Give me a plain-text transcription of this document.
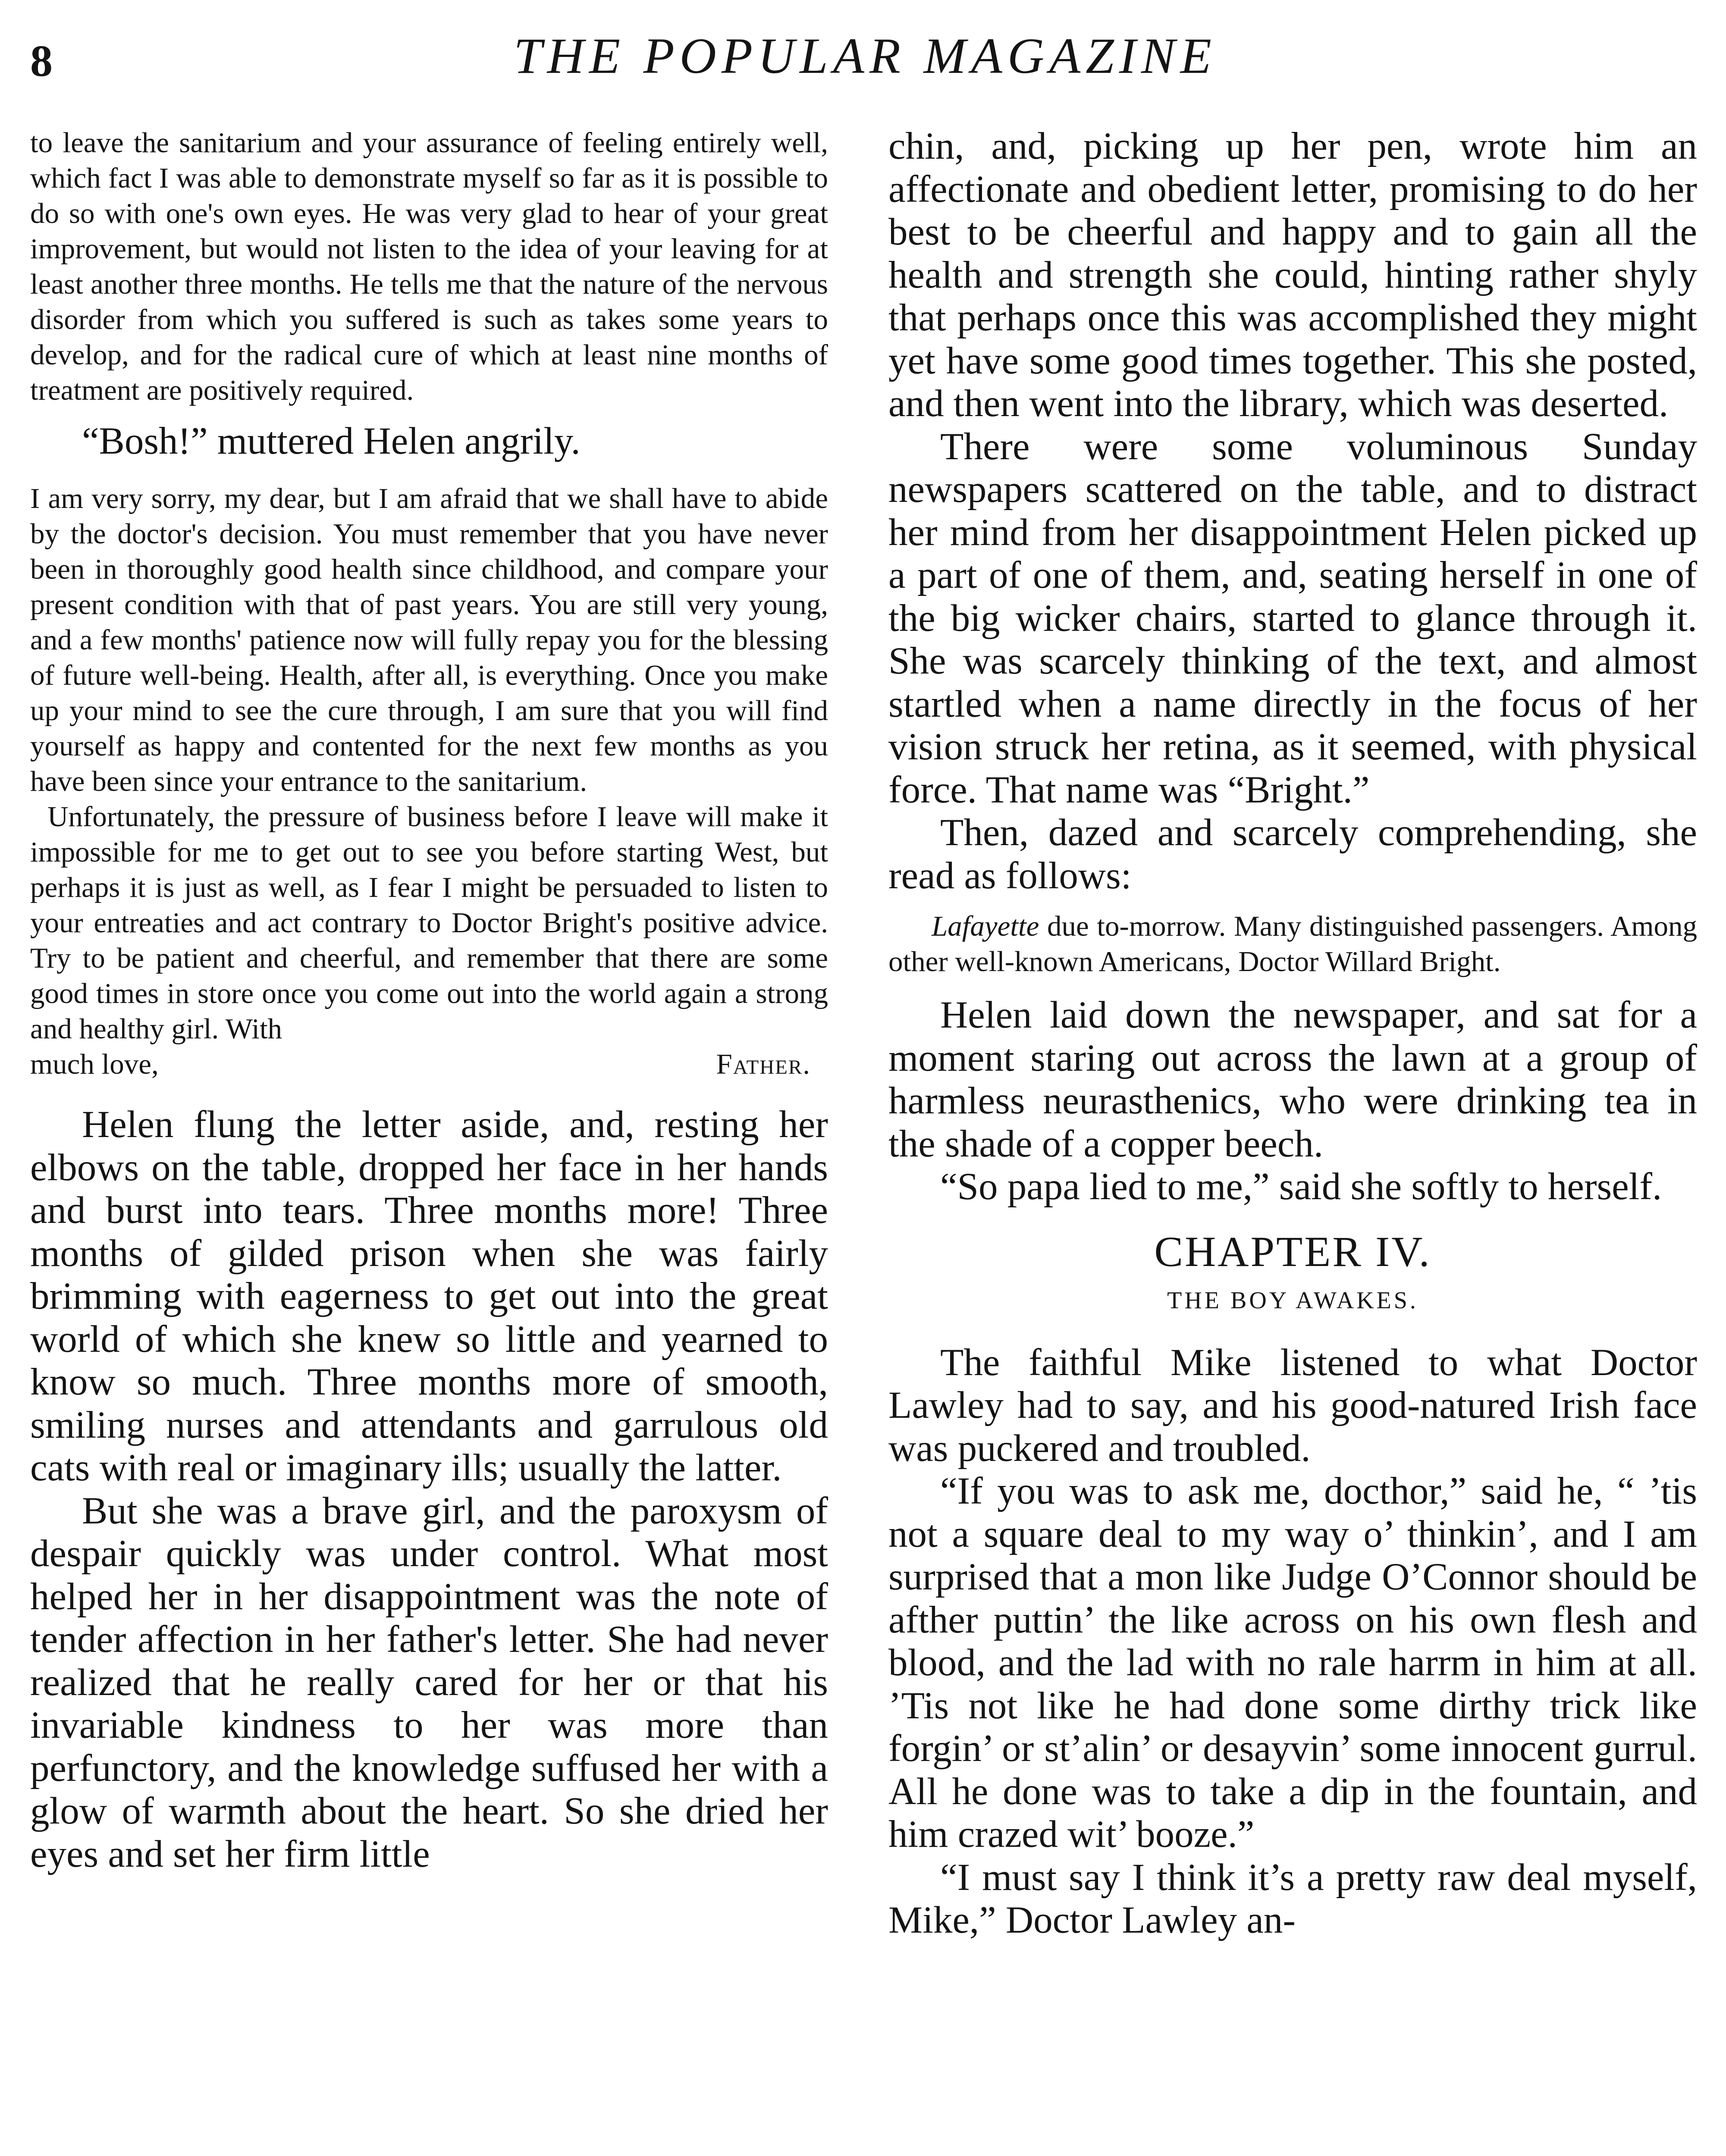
8	THE POPULAR MAGAZINE

to leave the sanitarium and your assurance of feeling entirely well, which fact I was able to demonstrate myself so far as it is possible to do so with one's own eyes. He was very glad to hear of your great improvement, but would not listen to the idea of your leaving for at least another three months. He tells me that the nature of the nervous disorder from which you suffered is such as takes some years to develop, and for the radical cure of which at least nine months of treatment are positively required.

“Bosh!” muttered Helen angrily.

I am very sorry, my dear, but I am afraid that we shall have to abide by the doctor's decision. You must remember that you have never been in thoroughly good health since childhood, and compare your present condition with that of past years. You are still very young, and a few months' patience now will fully repay you for the blessing of future well-being. Health, after all, is everything. Once you make up your mind to see the cure through, I am sure that you will find yourself as happy and contented for the next few months as you have been since your entrance to the sanitarium.

Unfortunately, the pressure of business before I leave will make it impossible for me to get out to see you before starting West, but perhaps it is just as well, as I fear I might be persuaded to listen to your entreaties and act contrary to Doctor Bright's positive advice. Try to be patient and cheerful, and remember that there are some good times in store once you come out into the world again a strong and healthy girl. With

much love,	Father.

Helen flung the letter aside, and, resting her elbows on the table, dropped her face in her hands and burst into tears. Three months more! Three months of gilded prison when she was fairly brimming with eagerness to get out into the great world of which she knew so little and yearned to know so much. Three months more of smooth, smiling nurses and attendants and garrulous old cats with real or imaginary ills; usually the latter.

But she was a brave girl, and the paroxysm of despair quickly was under control. What most helped her in her disappointment was the note of tender affection in her father's letter. She had never realized that he really cared for her or that his invariable kindness to her was more than perfunctory, and the knowledge suffused her with a glow of warmth about the heart. So she dried her eyes and set her firm little

chin, and, picking up her pen, wrote him an affectionate and obedient letter, promising to do her best to be cheerful and happy and to gain all the health and strength she could, hinting rather shyly that perhaps once this was accomplished they might yet have some good times together. This she posted, and then went into the library, which was deserted.

There were some voluminous Sunday newspapers scattered on the table, and to distract her mind from her disappointment Helen picked up a part of one of them, and, seating herself in one of the big wicker chairs, started to glance through it. She was scarcely thinking of the text, and almost startled when a name directly in the focus of her vision struck her retina, as it seemed, with physical force. That name was “Bright.”

Then, dazed and scarcely comprehending, she read as follows:

Lafayette due to-morrow. Many distinguished passengers. Among other well-known Americans, Doctor Willard Bright.

Helen laid down the newspaper, and sat for a moment staring out across the lawn at a group of harmless neurasthenics, who were drinking tea in the shade of a copper beech.

“So papa lied to me,” said she softly to herself.

CHAPTER IV.
THE BOY AWAKES.

The faithful Mike listened to what Doctor Lawley had to say, and his good-natured Irish face was puckered and troubled.

“If you was to ask me, docthor,” said he, “ ’tis not a square deal to my way o’ thinkin’, and I am surprised that a mon like Judge O’Connor should be afther puttin’ the like across on his own flesh and blood, and the lad with no rale harrm in him at all. ’Tis not like he had done some dirthy trick like forgin’ or st’alin’ or desayvin’ some innocent gurrul. All he done was to take a dip in the fountain, and him crazed wit’ booze.”

“I must say I think it’s a pretty raw deal myself, Mike,” Doctor Lawley an-
